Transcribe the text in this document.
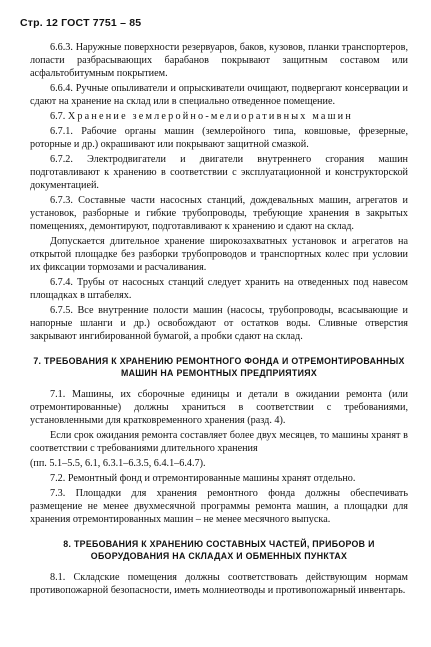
Стр. 12 ГОСТ 7751 – 85

6.6.3. Наружные поверхности резервуаров, баков, кузовов, планки транспортеров, лопасти разбрасывающих барабанов покрывают защитным составом или асфальтобитумным покрытием.

6.6.4. Ручные опыливатели и опрыскиватели очищают, подвергают консервации и сдают на хранение на склад или в специально отведенное помещение.

6.7. Хранение землеройно-мелиоративных машин

6.7.1. Рабочие органы машин (землеройного типа, ковшовые, фрезерные, роторные и др.) окрашивают или покрывают защитной смазкой.

6.7.2. Электродвигатели и двигатели внутреннего сгорания машин подготавливают к хранению в соответствии с эксплуатационной и конструкторской документацией.

6.7.3. Составные части насосных станций, дождевальных машин, агрегатов и установок, разборные и гибкие трубопроводы, требующие хранения в закрытых помещениях, демонтируют, подготавливают к хранению и сдают на склад.

Допускается длительное хранение широкозахватных установок и агрегатов на открытой площадке без разборки трубопроводов и транспортных колес при условии их фиксации тормозами и расчаливания.

6.7.4. Трубы от насосных станций следует хранить на отведенных под навесом площадках в штабелях.

6.7.5. Все внутренние полости машин (насосы, трубопроводы, всасывающие и напорные шланги и др.) освобождают от остатков воды. Сливные отверстия закрывают ингибированной бумагой, а пробки сдают на склад.

7. ТРЕБОВАНИЯ К ХРАНЕНИЮ РЕМОНТНОГО ФОНДА И ОТРЕМОНТИРОВАННЫХ МАШИН НА РЕМОНТНЫХ ПРЕДПРИЯТИЯХ

7.1. Машины, их сборочные единицы и детали в ожидании ремонта (или отремонтированные) должны храниться в соответствии с требованиями, установленными для кратковременного хранения (разд. 4).

Если срок ожидания ремонта составляет более двух месяцев, то машины хранят в соответствии с требованиями длительного хранения

(пп. 5.1–5.5, 6.1, 6.3.1–6.3.5, 6.4.1–6.4.7).

7.2. Ремонтный фонд и отремонтированные машины хранят отдельно.

7.3. Площадки для хранения ремонтного фонда должны обеспечивать размещение не менее двухмесячной программы ремонта машин, а площадки для хранения отремонтированных машин – не менее месячного выпуска.

8. ТРЕБОВАНИЯ К ХРАНЕНИЮ СОСТАВНЫХ ЧАСТЕЙ, ПРИБОРОВ И ОБОРУДОВАНИЯ НА СКЛАДАХ И ОБМЕННЫХ ПУНКТАХ

8.1. Складские помещения должны соответствовать действующим нормам противопожарной безопасности, иметь молниеотводы и противопожарный инвентарь.
